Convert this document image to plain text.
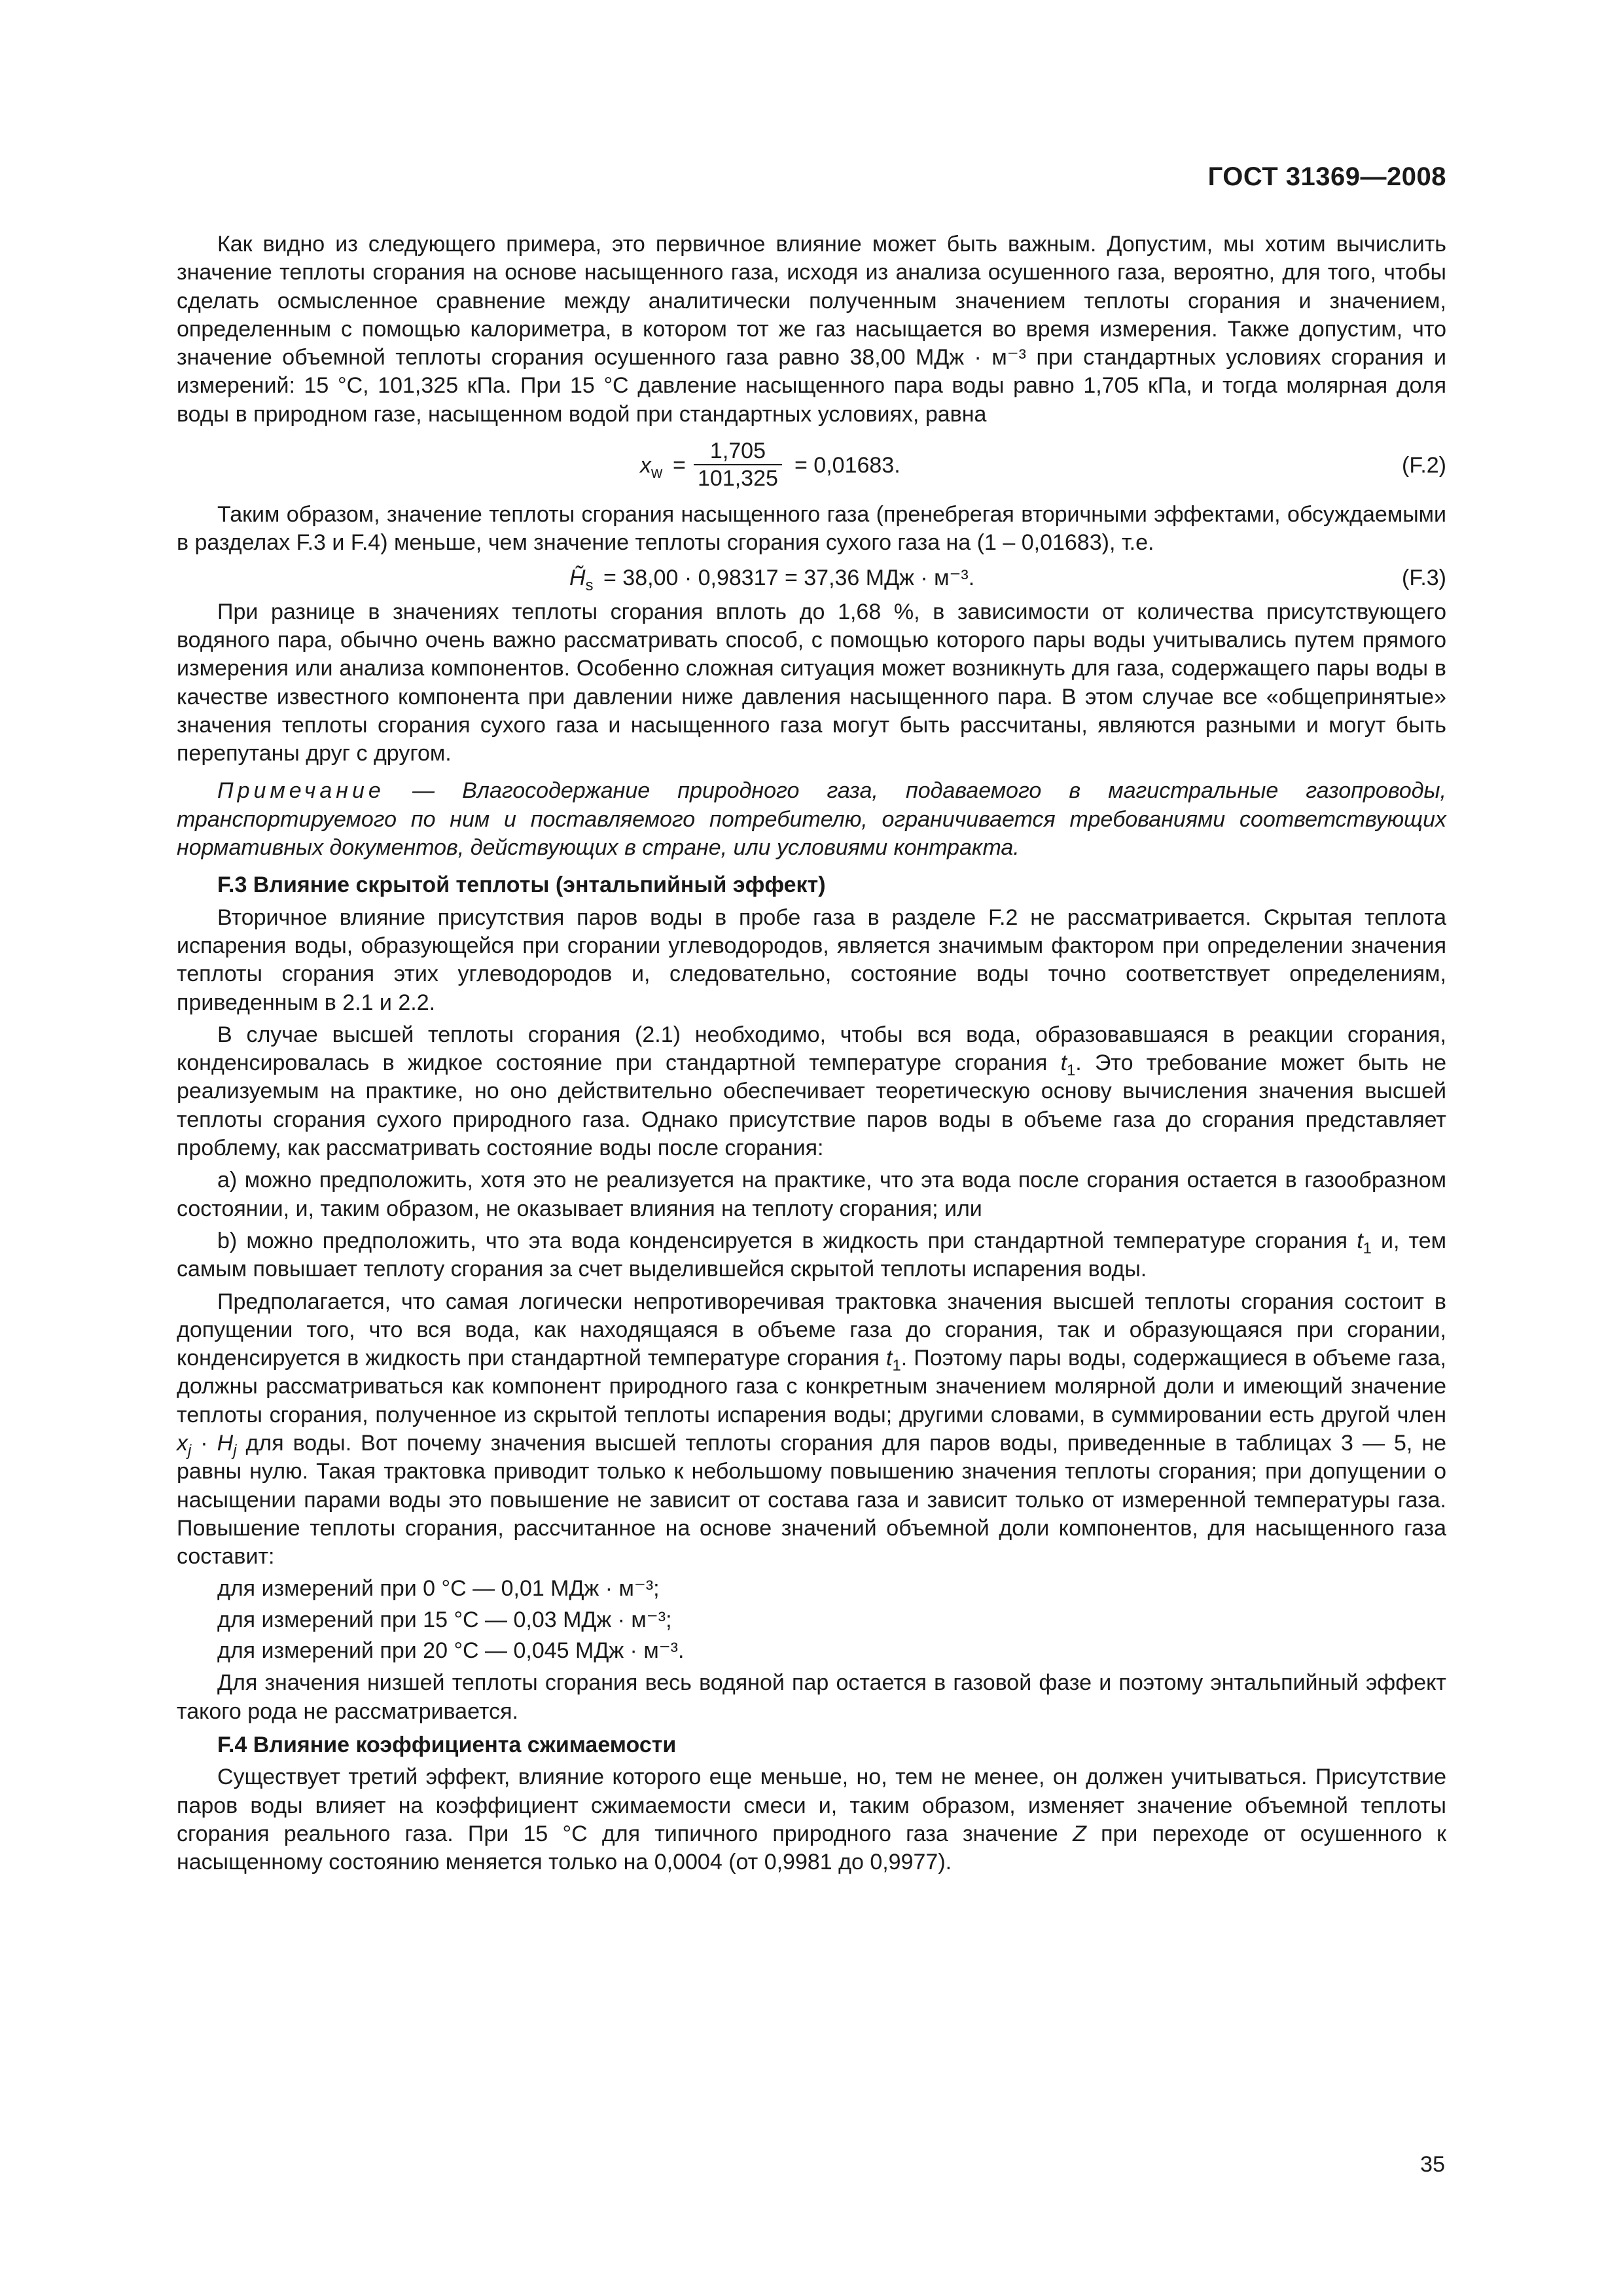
ГОСТ 31369—2008

Как видно из следующего примера, это первичное влияние может быть важным. Допустим, мы хотим вычислить значение теплоты сгорания на основе насыщенного газа, исходя из анализа осушенного газа, вероятно, для того, чтобы сделать осмысленное сравнение между аналитически полученным значением теплоты сгорания и значением, определенным с помощью калориметра, в котором тот же газ насыщается во время измерения. Также допустим, что значение объемной теплоты сгорания осушенного газа равно 38,00 МДж · м⁻³ при стандартных условиях сгорания и измерений: 15 °С, 101,325 кПа. При 15 °С давление насыщенного пара воды равно 1,705 кПа, и тогда молярная доля воды в природном газе, насыщенном водой при стандартных условиях, равна

$x_w = \frac{1,705}{101,325} = 0,01683$.	(F.2)

Таким образом, значение теплоты сгорания насыщенного газа (пренебрегая вторичными эффектами, обсуждаемыми в разделах F.3 и F.4) меньше, чем значение теплоты сгорания сухого газа на (1 – 0,01683), т.е.

$H̃_s = 38,00 \cdot 0,98317 = 37,36$ МДж · м⁻³.	(F.3)

При разнице в значениях теплоты сгорания вплоть до 1,68 %, в зависимости от количества присутствующего водяного пара, обычно очень важно рассматривать способ, с помощью которого пары воды учитывались путем прямого измерения или анализа компонентов. Особенно сложная ситуация может возникнуть для газа, содержащего пары воды в качестве известного компонента при давлении ниже давления насыщенного пара. В этом случае все «общепринятые» значения теплоты сгорания сухого газа и насыщенного газа могут быть рассчитаны, являются разными и могут быть перепутаны друг с другом.

Примечание — Влагосодержание природного газа, подаваемого в магистральные газопроводы, транспортируемого по ним и поставляемого потребителю, ограничивается требованиями соответствующих нормативных документов, действующих в стране, или условиями контракта.

F.3 Влияние скрытой теплоты (энтальпийный эффект)

Вторичное влияние присутствия паров воды в пробе газа в разделе F.2 не рассматривается. Скрытая теплота испарения воды, образующейся при сгорании углеводородов, является значимым фактором при определении значения теплоты сгорания этих углеводородов и, следовательно, состояние воды точно соответствует определениям, приведенным в 2.1 и 2.2.

В случае высшей теплоты сгорания (2.1) необходимо, чтобы вся вода, образовавшаяся в реакции сгорания, конденсировалась в жидкое состояние при стандартной температуре сгорания $t_1$. Это требование может быть не реализуемым на практике, но оно действительно обеспечивает теоретическую основу вычисления значения высшей теплоты сгорания сухого природного газа. Однако присутствие паров воды в объеме газа до сгорания представляет проблему, как рассматривать состояние воды после сгорания:

a) можно предположить, хотя это не реализуется на практике, что эта вода после сгорания остается в газообразном состоянии, и, таким образом, не оказывает влияния на теплоту сгорания; или

b) можно предположить, что эта вода конденсируется в жидкость при стандартной температуре сгорания $t_1$ и, тем самым повышает теплоту сгорания за счет выделившейся скрытой теплоты испарения воды.

Предполагается, что самая логически непротиворечивая трактовка значения высшей теплоты сгорания состоит в допущении того, что вся вода, как находящаяся в объеме газа до сгорания, так и образующаяся при сгорании, конденсируется в жидкость при стандартной температуре сгорания $t_1$. Поэтому пары воды, содержащиеся в объеме газа, должны рассматриваться как компонент природного газа с конкретным значением молярной доли и имеющий значение теплоты сгорания, полученное из скрытой теплоты испарения воды; другими словами, в суммировании есть другой член $x_j \cdot H_j$ для воды. Вот почему значения высшей теплоты сгорания для паров воды, приведенные в таблицах 3 — 5, не равны нулю. Такая трактовка приводит только к небольшому повышению значения теплоты сгорания; при допущении о насыщении парами воды это повышение не зависит от состава газа и зависит только от измеренной температуры газа. Повышение теплоты сгорания, рассчитанное на основе значений объемной доли компонентов, для насыщенного газа составит:

для измерений при 0 °С — 0,01 МДж · м⁻³;

для измерений при 15 °С — 0,03 МДж · м⁻³;

для измерений при 20 °С — 0,045 МДж · м⁻³.

Для значения низшей теплоты сгорания весь водяной пар остается в газовой фазе и поэтому энтальпийный эффект такого рода не рассматривается.

F.4 Влияние коэффициента сжимаемости

Существует третий эффект, влияние которого еще меньше, но, тем не менее, он должен учитываться. Присутствие паров воды влияет на коэффициент сжимаемости смеси и, таким образом, изменяет значение объемной теплоты сгорания реального газа. При 15 °С для типичного природного газа значение Z при переходе от осушенного к насыщенному состоянию меняется только на 0,0004 (от 0,9981 до 0,9977).

35
